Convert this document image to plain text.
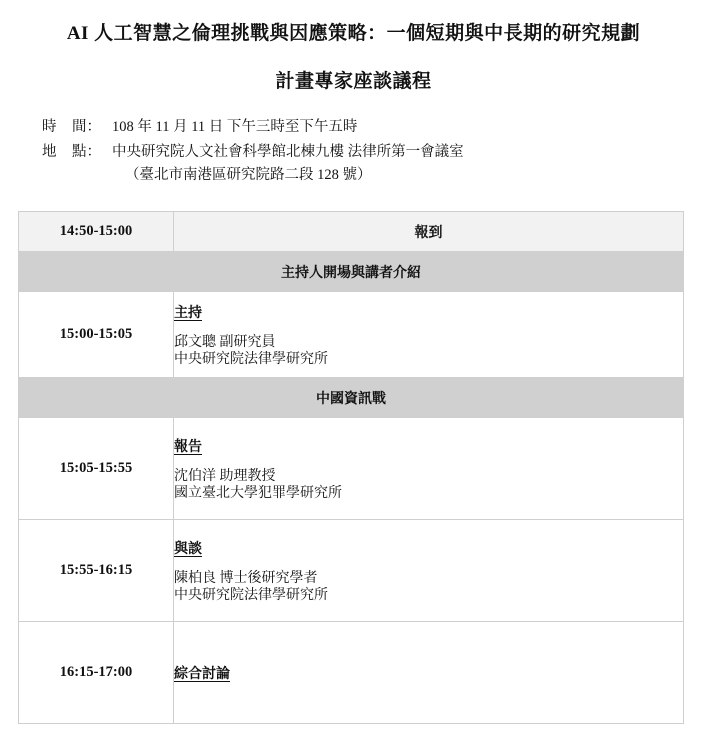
AI 人工智慧之倫理挑戰與因應策略：一個短期與中長期的研究規劃
計畫專家座談議程
時 間： 108 年 11 月 11 日 下午三時至下午五時
地 點： 中央研究院人文社會科學館北棟九樓 法律所第一會議室
（臺北市南港區研究院路二段 128 號）
14:50-15:00	報到
主持人開場與講者介紹	
15:00-15:05	主持
邱文聰 副研究員
中央研究院法律學研究所

中國資訊戰	
15:05-15:55	報告
沈伯洋 助理教授
國立臺北大學犯罪學研究所

15:55-16:15	與談
陳柏良 博士後研究學者
中央研究院法律學研究所

16:15-17:00	綜合討論
